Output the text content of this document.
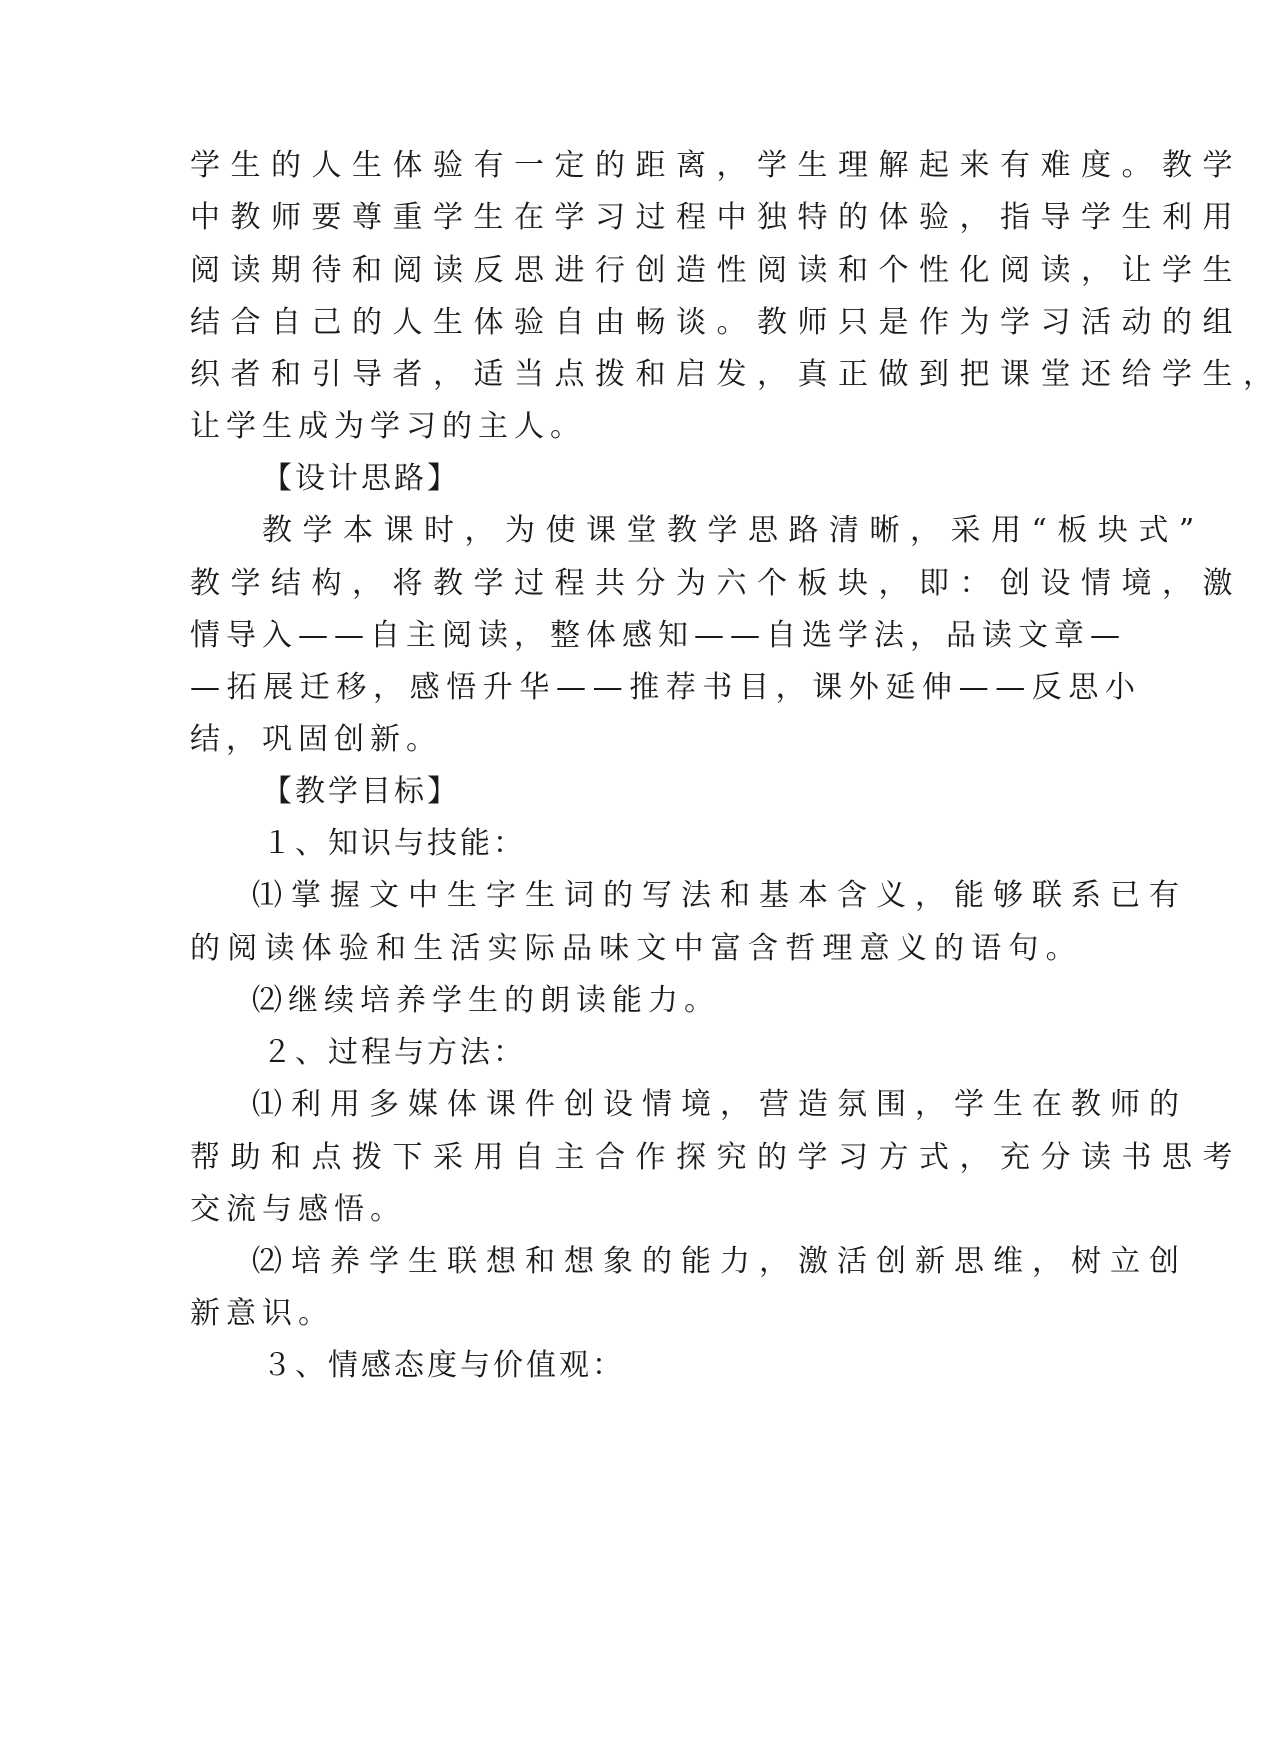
学生的人生体验有一定的距离，学生理解起来有难度。教学
中教师要尊重学生在学习过程中独特的体验，指导学生利用
阅读期待和阅读反思进行创造性阅读和个性化阅读，让学生
结合自己的人生体验自由畅谈。教师只是作为学习活动的组
织者和引导者，适当点拨和启发，真正做到把课堂还给学生，
让学生成为学习的主人。
【设计思路】
教学本课时，为使课堂教学思路清晰，采用“板块式”
教学结构，将教学过程共分为六个板块，即：创设情境，激
情导入——自主阅读，整体感知——自选学法，品读文章—
—拓展迁移，感悟升华——推荐书目，课外延伸——反思小
结，巩固创新。
【教学目标】
１、知识与技能：
⑴掌握文中生字生词的写法和基本含义，能够联系已有
的阅读体验和生活实际品味文中富含哲理意义的语句。
⑵继续培养学生的朗读能力。
２、过程与方法：
⑴利用多媒体课件创设情境，营造氛围，学生在教师的
帮助和点拨下采用自主合作探究的学习方式，充分读书思考
交流与感悟。
⑵培养学生联想和想象的能力，激活创新思维，树立创
新意识。
３、情感态度与价值观：
